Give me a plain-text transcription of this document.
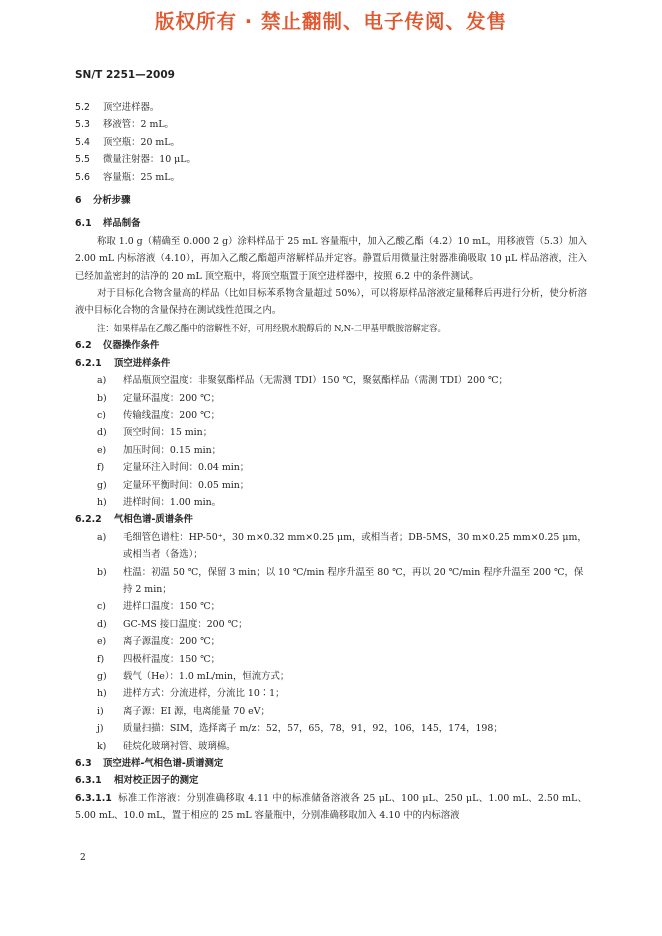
版权所有 · 禁止翻制、电子传阅、发售
SN/T 2251—2009
5.2	顶空进样器。
5.3	移液管：2 mL。
5.4	顶空瓶：20 mL。
5.5	微量注射器：10 μL。
5.6	容量瓶：25 mL。
6	分析步骤
6.1	样品制备
称取 1.0 g（精确至 0.000 2 g）涂料样品于 25 mL 容量瓶中，加入乙酸乙酯（4.2）10 mL，用移液管（5.3）加入 2.00 mL 内标溶液（4.10），再加入乙酸乙酯超声溶解样品并定容。静置后用微量注射器准确吸取 10 μL 样品溶液，注入已经加盖密封的洁净的 20 mL 顶空瓶中，将顶空瓶置于顶空进样器中，按照 6.2 中的条件测试。
对于目标化合物含量高的样品（比如目标苯系物含量超过 50%），可以将原样品溶液定量稀释后再进行分析，使分析溶液中目标化合物的含量保持在测试线性范围之内。
注：如果样品在乙酸乙酯中的溶解性不好，可用经脱水脱醇后的 N,N-二甲基甲酰胺溶解定容。
6.2	仪器操作条件
6.2.1	顶空进样条件
a)	样品瓶顶空温度：非聚氨酯样品（无需测 TDI）150 ℃，聚氨酯样品（需测 TDI）200 ℃；
b)	定量环温度：200 ℃；
c)	传输线温度：200 ℃；
d)	顶空时间：15 min；
e)	加压时间：0.15 min；
f)	定量环注入时间：0.04 min；
g)	定量环平衡时间：0.05 min；
h)	进样时间：1.00 min。
6.2.2	气相色谱-质谱条件
a)	毛细管色谱柱：HP-50⁺，30 m×0.32 mm×0.25 μm，或相当者；DB-5MS，30 m×0.25 mm×0.25 μm，或相当者（备选）；
b)	柱温：初温 50 ℃，保留 3 min；以 10 ℃/min 程序升温至 80 ℃，再以 20 ℃/min 程序升温至 200 ℃，保持 2 min；
c)	进样口温度：150 ℃；
d)	GC-MS 接口温度：200 ℃；
e)	离子源温度：200 ℃；
f)	四极杆温度：150 ℃；
g)	载气（He）：1.0 mL/min，恒流方式；
h)	进样方式：分流进样，分流比 10∶1；
i)	离子源：EI 源，电离能量 70 eV；
j)	质量扫描：SIM，选择离子 m/z：52，57，65，78，91，92，106，145，174，198；
k)	硅烷化玻璃衬管、玻璃棉。
6.3	顶空进样-气相色谱-质谱测定
6.3.1	相对校正因子的测定
6.3.1.1 标准工作溶液：分别准确移取 4.11 中的标准储备溶液各 25 μL、100 μL、250 μL、1.00 mL、2.50 mL、5.00 mL、10.0 mL，置于相应的 25 mL 容量瓶中，分别准确移取加入 4.10 中的内标溶液
2
